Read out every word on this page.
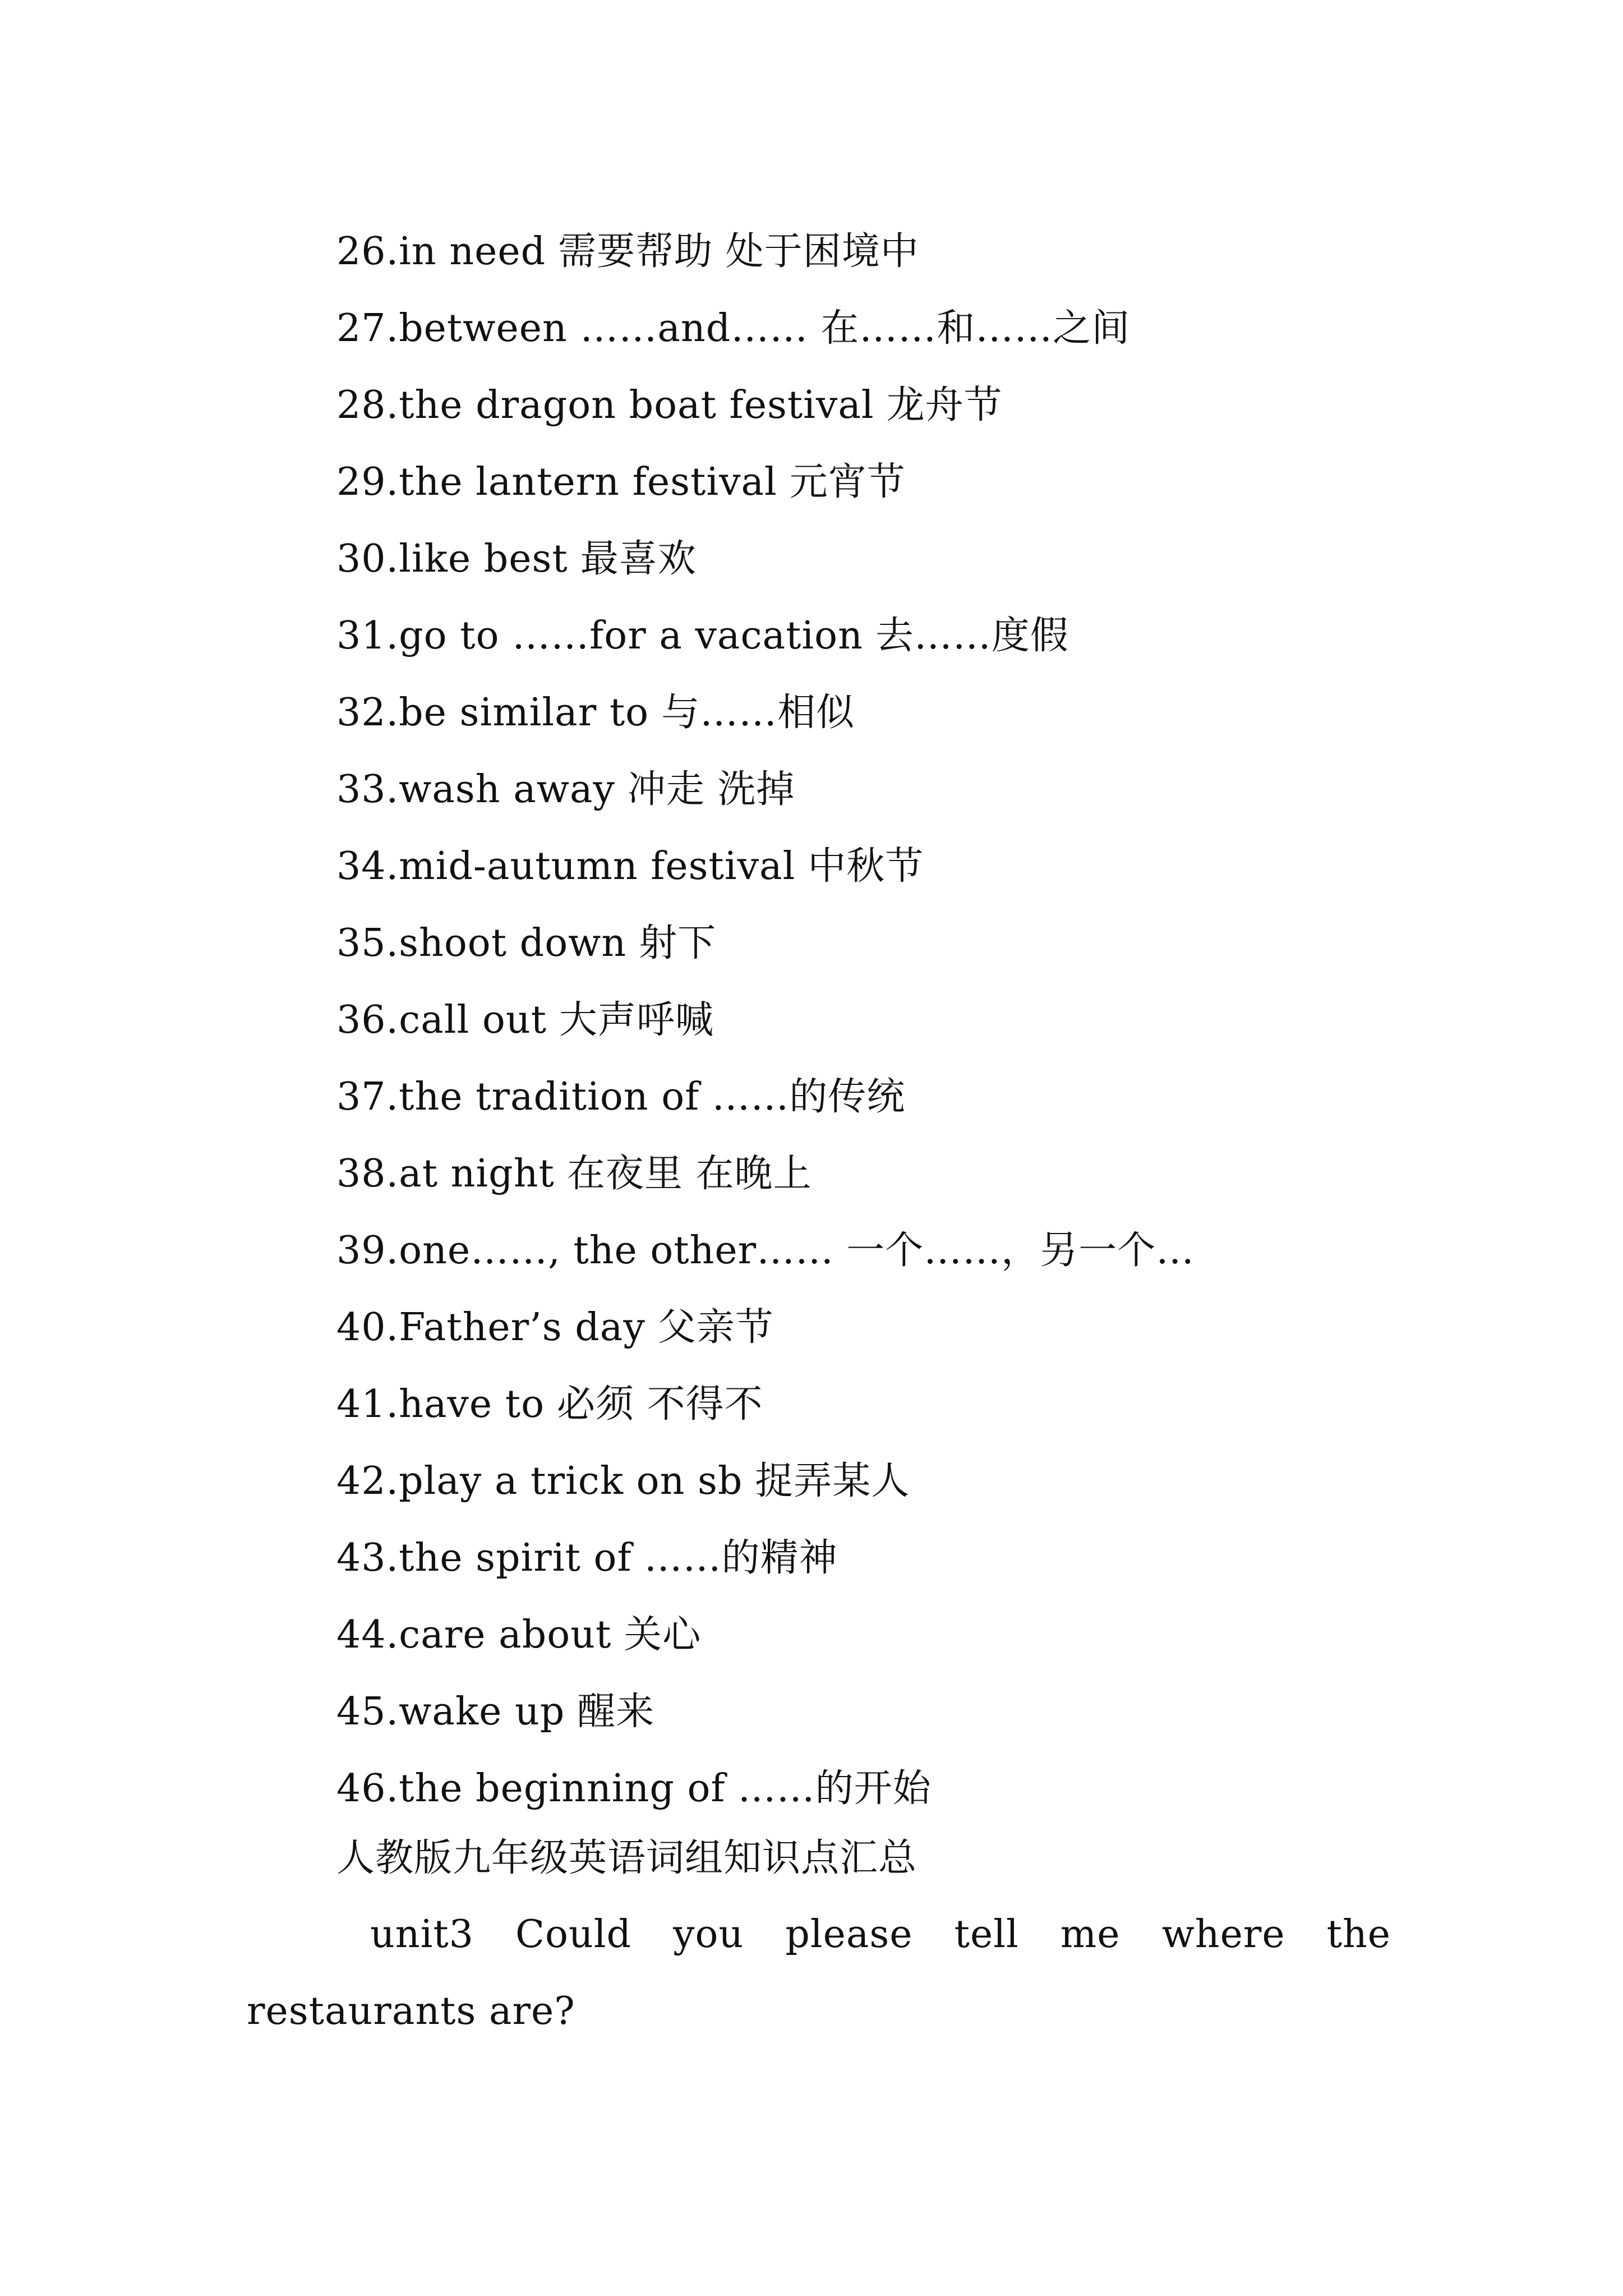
26.in need 需要帮助 处于困境中
27.between ……and…… 在……和……之间
28.the dragon boat festival 龙舟节
29.the lantern festival 元宵节
30.like best 最喜欢
31.go to ……for a vacation 去……度假
32.be similar to 与……相似
33.wash away 冲走 洗掉
34.mid-autumn festival 中秋节
35.shoot down 射下
36.call out 大声呼喊
37.the tradition of ……的传统
38.at night 在夜里 在晚上
39.one……, the other…… 一个……，另一个…
40.Father’s day 父亲节
41.have to 必须 不得不
42.play a trick on sb 捉弄某人
43.the spirit of ……的精神
44.care about 关心
45.wake up 醒来
46.the beginning of ……的开始
人教版九年级英语词组知识点汇总
unit3 Could you please tell me where the
restaurants are?
